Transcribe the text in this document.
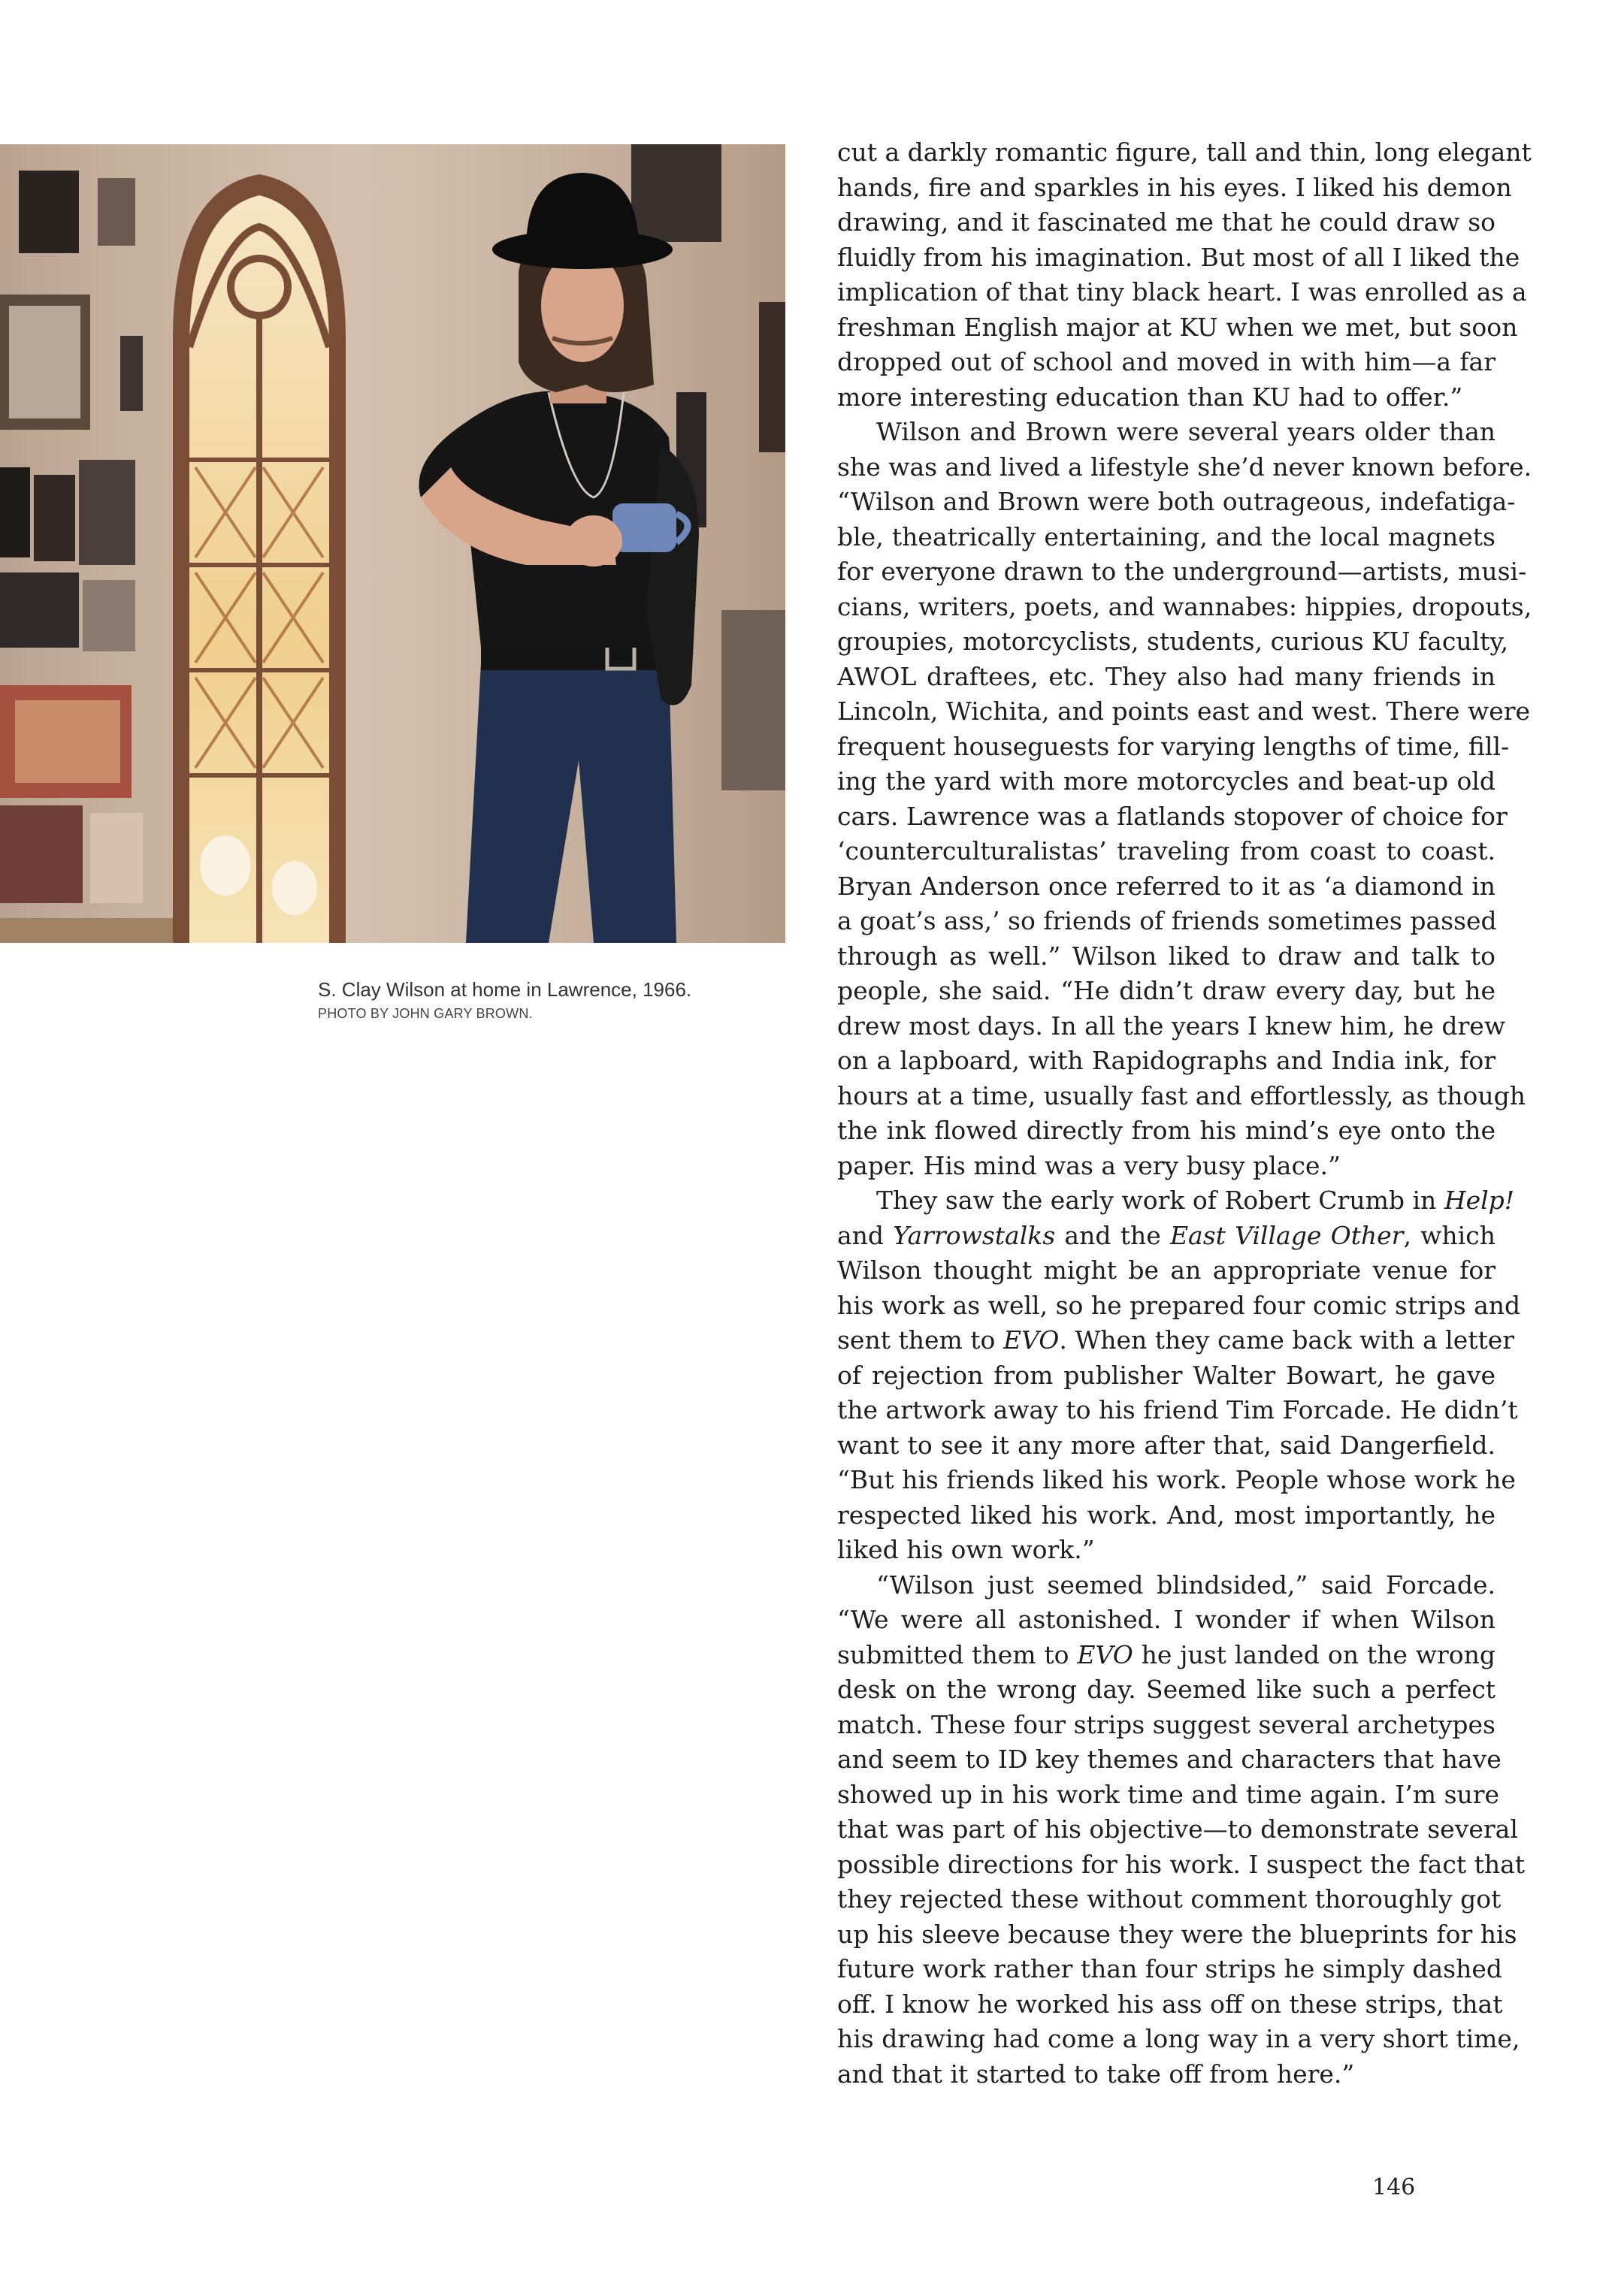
S. Clay Wilson at home in Lawrence, 1966.
PHOTO BY JOHN GARY BROWN.
cut a darkly romantic figure, tall and thin, long elegant
hands, fire and sparkles in his eyes. I liked his demon
drawing, and it fascinated me that he could draw so
fluidly from his imagination. But most of all I liked the
implication of that tiny black heart. I was enrolled as a
freshman English major at KU when we met, but soon
dropped out of school and moved in with him—a far
more interesting education than KU had to offer.”
Wilson and Brown were several years older than
she was and lived a lifestyle she’d never known before.
“Wilson and Brown were both outrageous, indefatiga-
ble, theatrically entertaining, and the local magnets
for everyone drawn to the underground—artists, musi-
cians, writers, poets, and wannabes: hippies, dropouts,
groupies, motorcyclists, students, curious KU faculty,
AWOL draftees, etc. They also had many friends in
Lincoln, Wichita, and points east and west. There were
frequent houseguests for varying lengths of time, fill-
ing the yard with more motorcycles and beat-up old
cars. Lawrence was a flatlands stopover of choice for
‘counterculturalistas’ traveling from coast to coast.
Bryan Anderson once referred to it as ‘a diamond in
a goat’s ass,’ so friends of friends sometimes passed
through as well.” Wilson liked to draw and talk to
people, she said. “He didn’t draw every day, but he
drew most days. In all the years I knew him, he drew
on a lapboard, with Rapidographs and India ink, for
hours at a time, usually fast and effortlessly, as though
the ink flowed directly from his mind’s eye onto the
paper. His mind was a very busy place.”
They saw the early work of Robert Crumb in Help!
and Yarrowstalks and the East Village Other, which
Wilson thought might be an appropriate venue for
his work as well, so he prepared four comic strips and
sent them to EVO. When they came back with a letter
of rejection from publisher Walter Bowart, he gave
the artwork away to his friend Tim Forcade. He didn’t
want to see it any more after that, said Dangerfield.
“But his friends liked his work. People whose work he
respected liked his work. And, most importantly, he
liked his own work.”
“Wilson just seemed blindsided,” said Forcade.
“We were all astonished. I wonder if when Wilson
submitted them to EVO he just landed on the wrong
desk on the wrong day. Seemed like such a perfect
match. These four strips suggest several archetypes
and seem to ID key themes and characters that have
showed up in his work time and time again. I’m sure
that was part of his objective—to demonstrate several
possible directions for his work. I suspect the fact that
they rejected these without comment thoroughly got
up his sleeve because they were the blueprints for his
future work rather than four strips he simply dashed
off. I know he worked his ass off on these strips, that
his drawing had come a long way in a very short time,
and that it started to take off from here.”
146
